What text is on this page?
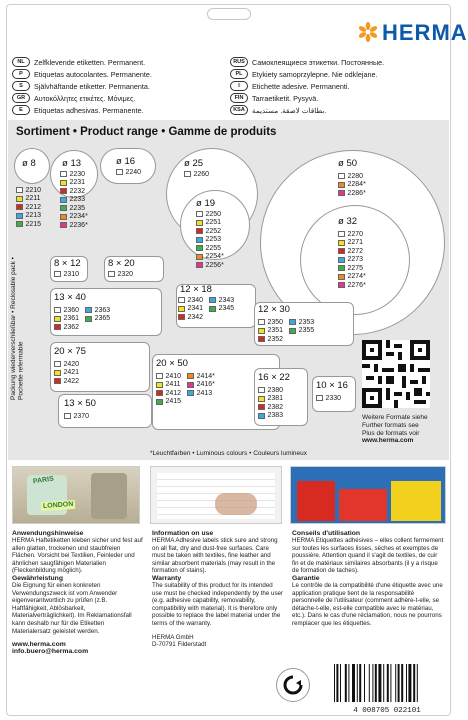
HERMA
NL	Zelfklevende etiketten. Permanent.
P	Etiquetas autocolantes. Permanente.
S	Självhäftande etiketter. Permanenta.
GR	Αυτοκόλλητες ετικέτες. Μόνιμες.
E	Etiquetas adhesivas. Permanente.
RUS Самоклеящиеся этикетки. Постоянные.
PL	Etykiety samoprzylepne. Nie odklejane.
I	Etichette adesive. Permanenti.
FIN	Tarraetiketit. Pysyvä.
KSA بطاقات لاصقة. مستديمة.
Sortiment • Product range • Gamme de produits
Packung wiederverschließbar • Reclosable pack • Pochette refermable
ø 8
2210
2211
2212
2213
2215
ø 13
2230
2231
2232
2233
2235
2234*
2236*
ø 16
2240
ø 25
2260
ø 19
2250
2251
2252
2253
2255
2254*
2256*
ø 50
2280
2284*
2286*
ø 32
2270
2271
2272
2273
2275
2274*
2276*
8 × 12
2310
8 × 20
2320
12 × 18
2340 2343
2341 2345
2342
13 × 40
2360 2363
2361 2365
2362
12 × 30
2350 2353
2351 2355
2352
20 × 75
2420
2421
2422
20 × 50
2410 2414*
2411 2416*
2412 2413
2415
16 × 22
2380
2381
2382
2383
13 × 50
2370
10 × 16
2330
Weitere Formate siehe
Further formats see
Plus de formats voir
www.herma.com
*Leuchtfarben • Luminous colours • Couleurs lumineux
PARIS
LONDON
Anwendungshinweise
HERMA Haftetiketten kleben sicher und fest auf allen glatten, trockenen und staubfreien Flächen. Vorsicht bei Textilien, Feinleder und ähnlichen saugfähigen Materialien (Fleckenbildung möglich).
Gewährleistung
Die Eignung für einen konkreten Verwendungszweck ist vom Anwender eigenverantwortlich zu prüfen (z.B. Haftfähigkeit, Ablösbarkeit, Materialverträglichkeit). Im Reklamationsfall kann deshalb nur für die Etiketten Materialersatz geleistet werden.
www.herma.com
info.buero@herma.com
Information on use
HERMA Adhesive labels stick sure and strong on all flat, dry and dust-free surfaces. Care must be taken with textiles, fine leather and similar absorbent materials (may result in the formation of stains).
Warranty
The suitability of this product for its intended use must be checked independently by the user (e.g. adhesive capability, removability, compatibility with material). It is therefore only possible to replace the label material under the terms of the warranty.
HERMA GmbH
D-70791 Filderstadt
Conseils d'utilisation
HERMA Etiquettes adhésives – elles collent fermement sur toutes les surfaces lisses, sèches et exemptes de poussière. Attention quand il s'agit de textiles, de cuir fin et de matériaux similaires absorbants (il y a risque de formation de taches).
Garantie
Le contrôle de la compatibilité d'une étiquette avec une application pratique tient de la responsabilité personnelle de l'utilisateur (comment adhère-t-elle, se détache-t-elle, est-elle compatible avec le matériau, etc.). Dans le cas d'une réclamation, nous ne pourrons remplacer que les étiquettes.
4 008705 022101
